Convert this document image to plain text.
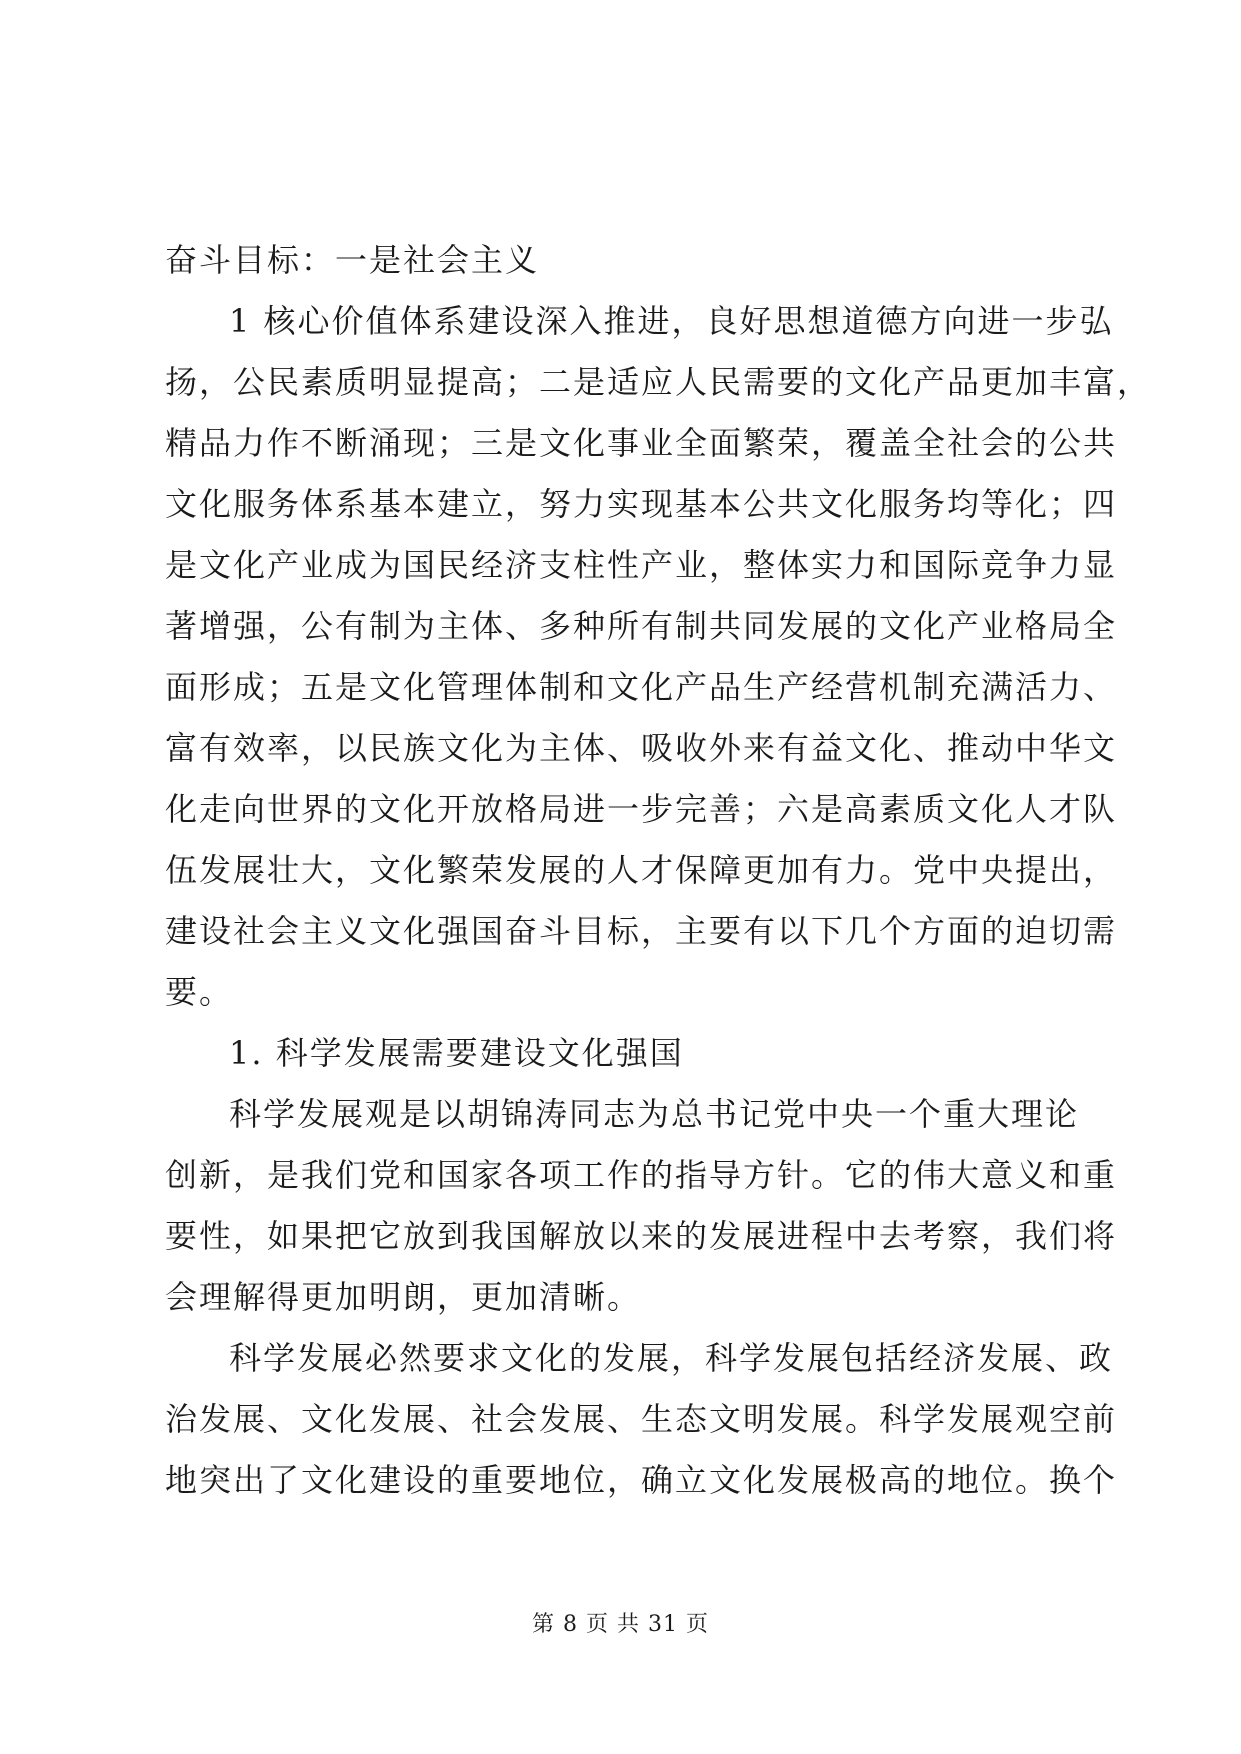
奋斗目标：一是社会主义
1 核心价值体系建设深入推进，良好思想道德方向进一步弘
扬，公民素质明显提高；二是适应人民需要的文化产品更加丰富，
精品力作不断涌现；三是文化事业全面繁荣，覆盖全社会的公共
文化服务体系基本建立，努力实现基本公共文化服务均等化；四
是文化产业成为国民经济支柱性产业，整体实力和国际竞争力显
著增强，公有制为主体、多种所有制共同发展的文化产业格局全
面形成；五是文化管理体制和文化产品生产经营机制充满活力、
富有效率，以民族文化为主体、吸收外来有益文化、推动中华文
化走向世界的文化开放格局进一步完善；六是高素质文化人才队
伍发展壮大，文化繁荣发展的人才保障更加有力。党中央提出，
建设社会主义文化强国奋斗目标，主要有以下几个方面的迫切需
要。
1. 科学发展需要建设文化强国
科学发展观是以胡锦涛同志为总书记党中央一个重大理论
创新，是我们党和国家各项工作的指导方针。它的伟大意义和重
要性，如果把它放到我国解放以来的发展进程中去考察，我们将
会理解得更加明朗，更加清晰。
科学发展必然要求文化的发展，科学发展包括经济发展、政
治发展、文化发展、社会发展、生态文明发展。科学发展观空前
地突出了文化建设的重要地位，确立文化发展极高的地位。换个
第 8 页 共 31 页
